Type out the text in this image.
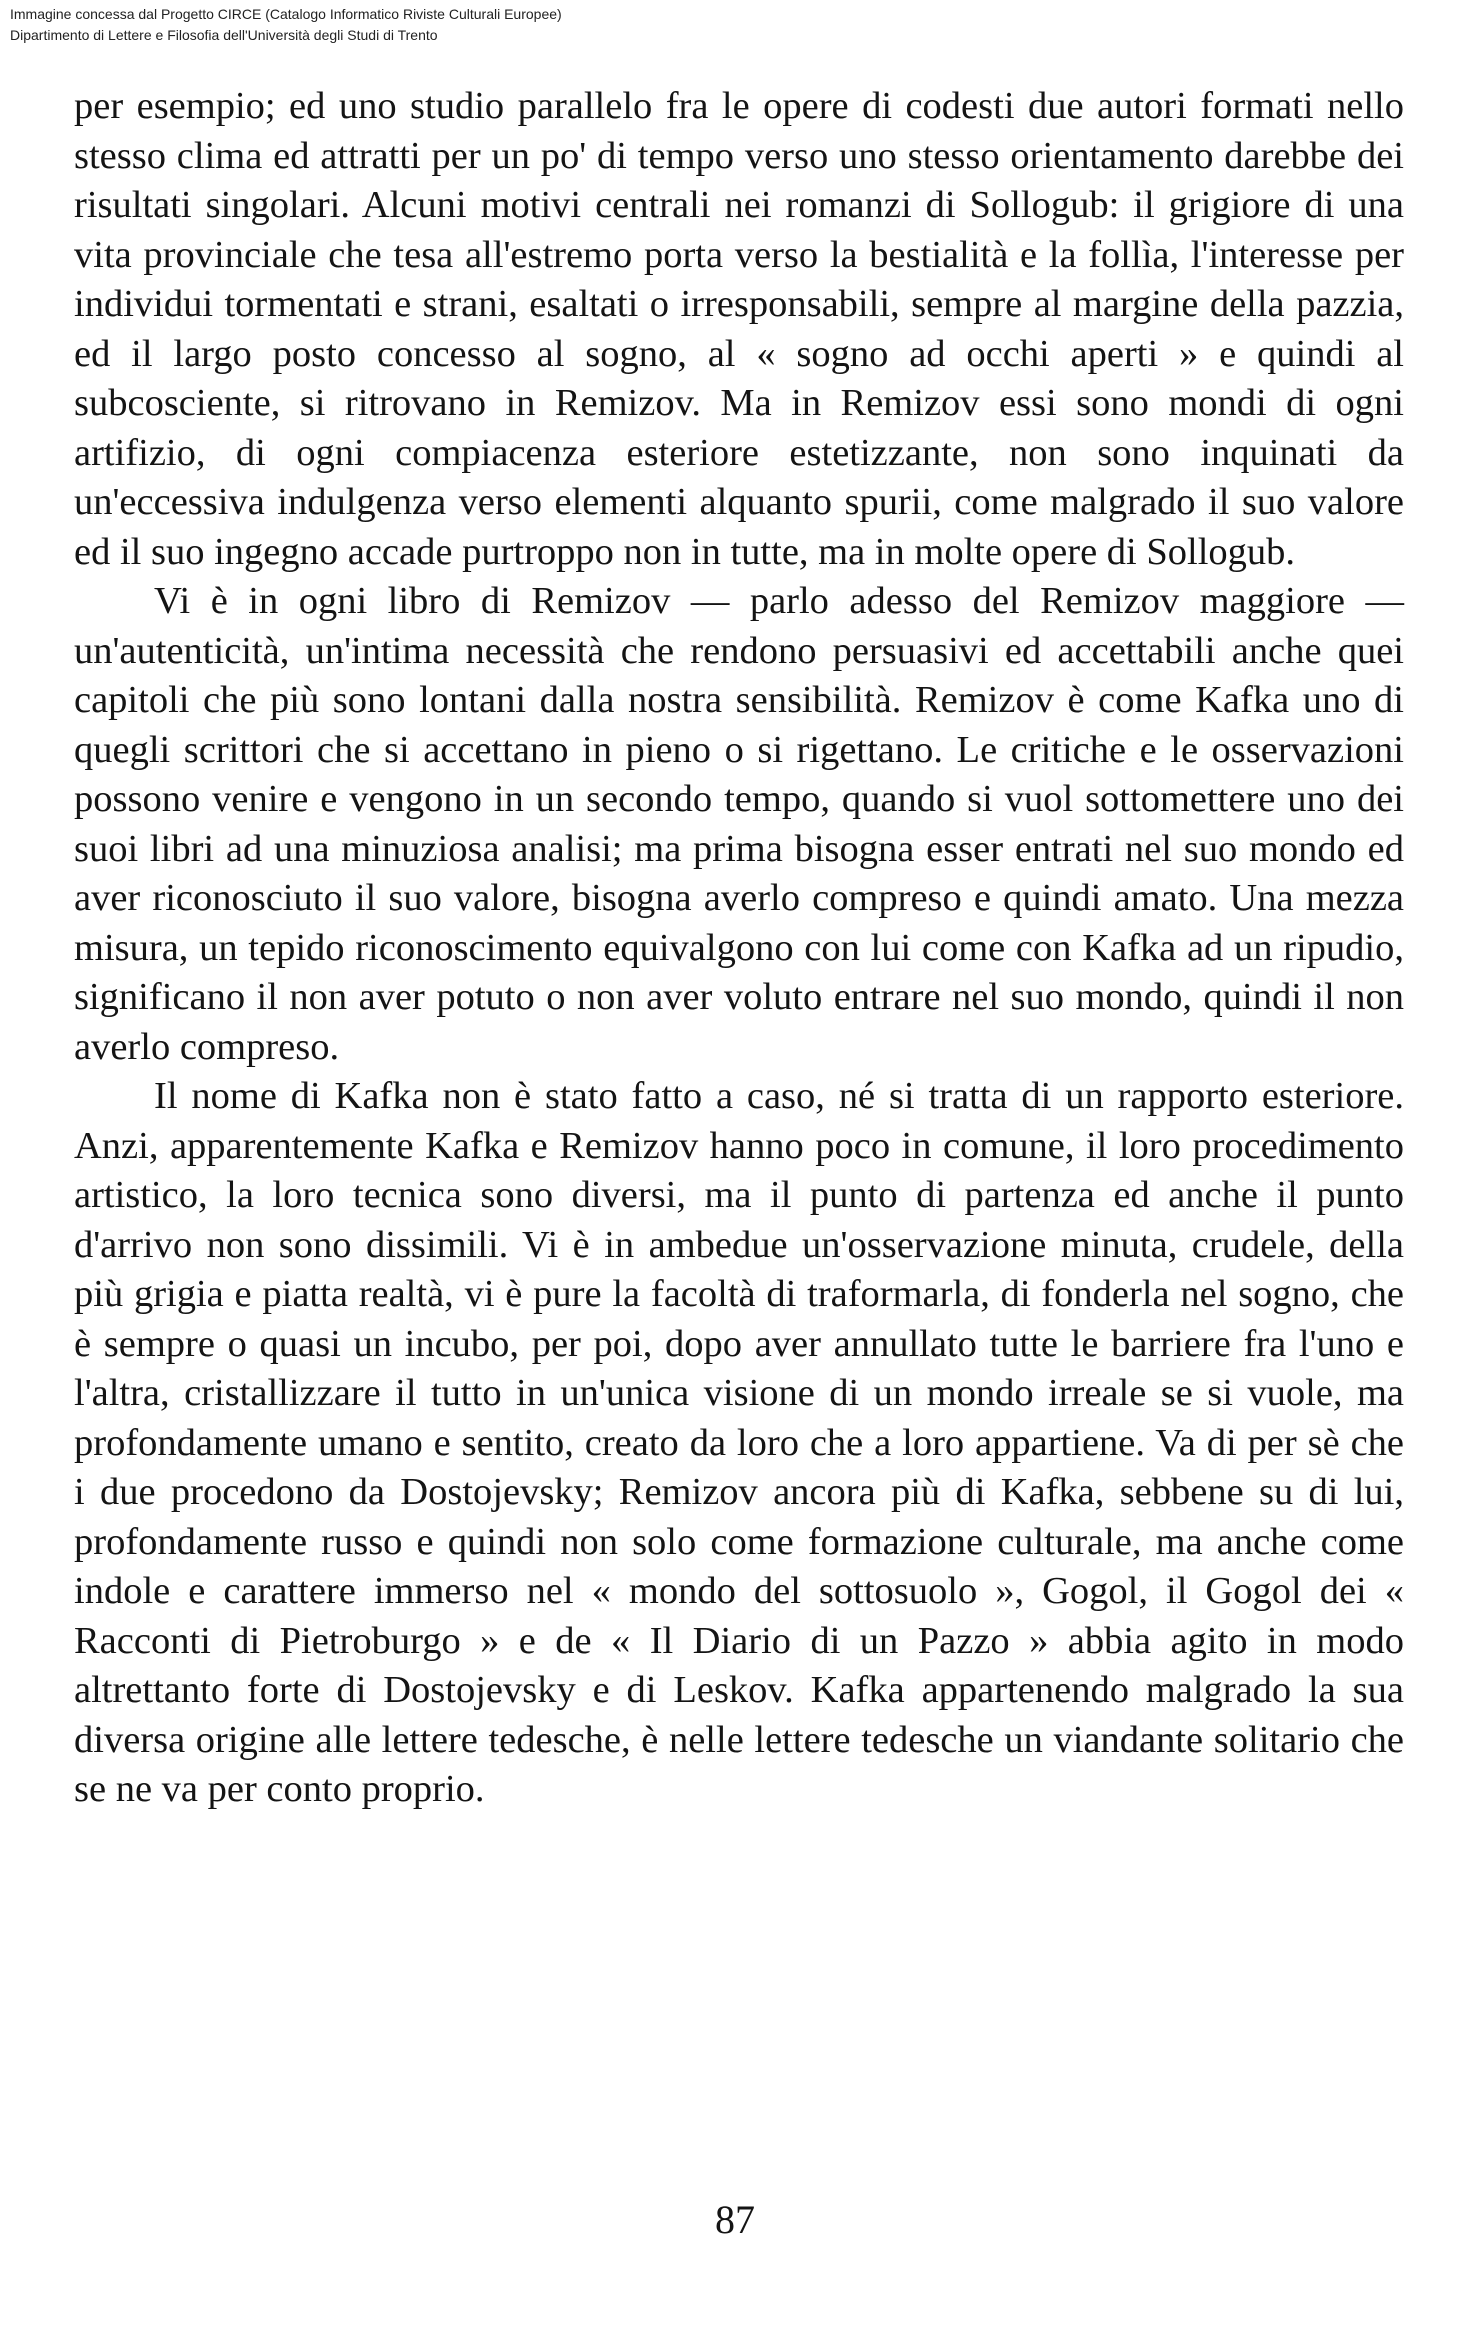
Immagine concessa dal Progetto CIRCE (Catalogo Informatico Riviste Culturali Europee)
Dipartimento di Lettere e Filosofia dell'Università degli Studi di Trento

per esempio; ed uno studio parallelo fra le opere di codesti due autori formati nello stesso clima ed attratti per un po' di tempo verso uno stesso orientamento darebbe dei risultati singolari. Alcuni motivi centrali nei romanzi di Sollogub: il grigiore di una vita provinciale che tesa all'estremo porta verso la bestialità e la follìa, l'interesse per individui tormentati e strani, esaltati o irresponsabili, sempre al margine della pazzia, ed il largo posto concesso al sogno, al « sogno ad occhi aperti » e quindi al subcosciente, si ritrovano in Remizov. Ma in Remizov essi sono mondi di ogni artifizio, di ogni compiacenza esteriore estetizzante, non sono inquinati da un'eccessiva indulgenza verso elementi alquanto spurii, come malgrado il suo valore ed il suo ingegno accade purtroppo non in tutte, ma in molte opere di Sollogub.

Vi è in ogni libro di Remizov — parlo adesso del Remizov maggiore — un'autenticità, un'intima necessità che rendono persuasivi ed accettabili anche quei capitoli che più sono lontani dalla nostra sensibilità. Remizov è come Kafka uno di quegli scrittori che si accettano in pieno o si rigettano. Le critiche e le osservazioni possono venire e vengono in un secondo tempo, quando si vuol sottomettere uno dei suoi libri ad una minuziosa analisi; ma prima bisogna esser entrati nel suo mondo ed aver riconosciuto il suo valore, bisogna averlo compreso e quindi amato. Una mezza misura, un tepido riconoscimento equivalgono con lui come con Kafka ad un ripudio, significano il non aver potuto o non aver voluto entrare nel suo mondo, quindi il non averlo compreso.

Il nome di Kafka non è stato fatto a caso, né si tratta di un rapporto esteriore. Anzi, apparentemente Kafka e Remizov hanno poco in comune, il loro procedimento artistico, la loro tecnica sono diversi, ma il punto di partenza ed anche il punto d'arrivo non sono dissimili. Vi è in ambedue un'osservazione minuta, crudele, della più grigia e piatta realtà, vi è pure la facoltà di traformarla, di fonderla nel sogno, che è sempre o quasi un incubo, per poi, dopo aver annullato tutte le barriere fra l'uno e l'altra, cristallizzare il tutto in un'unica visione di un mondo irreale se si vuole, ma profondamente umano e sentito, creato da loro che a loro appartiene. Va di per sè che i due procedono da Dostojevsky; Remizov ancora più di Kafka, sebbene su di lui, profondamente russo e quindi non solo come formazione culturale, ma anche come indole e carattere immerso nel « mondo del sottosuolo », Gogol, il Gogol dei « Racconti di Pietroburgo » e de « Il Diario di un Pazzo » abbia agito in modo altrettanto forte di Dostojevsky e di Leskov. Kafka appartenendo malgrado la sua diversa origine alle lettere tedesche, è nelle lettere tedesche un viandante solitario che se ne va per conto proprio.

87
